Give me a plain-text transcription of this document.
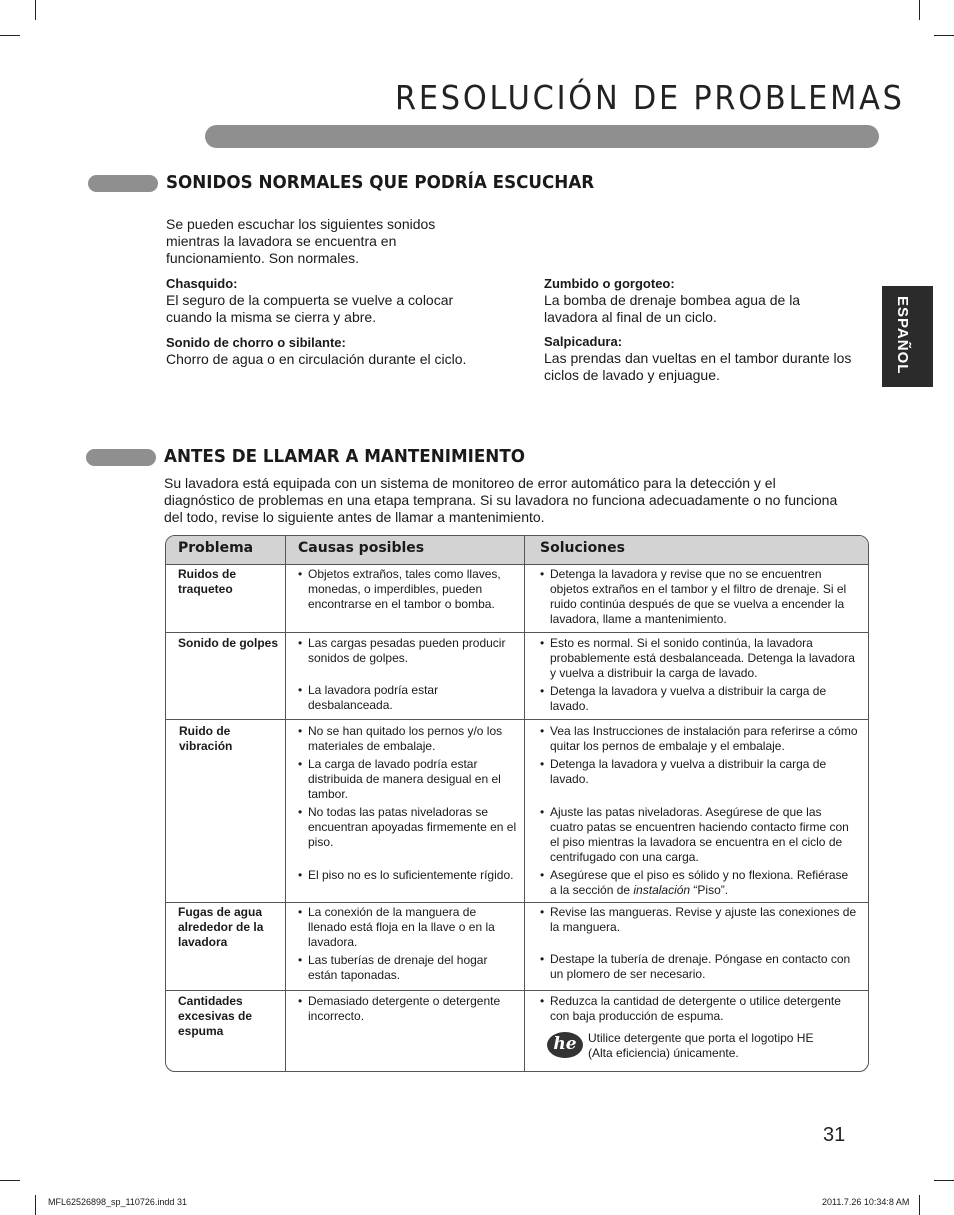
RESOLUCIÓN DE PROBLEMAS
ESPAÑOL
SONIDOS NORMALES QUE PODRÍA ESCUCHAR
Se pueden escuchar los siguientes sonidos mientras la lavadora se encuentra en funcionamiento. Son normales.
Chasquido:
El seguro de la compuerta se vuelve a colocar cuando la misma se cierra y abre.
Sonido de chorro o sibilante:
Chorro de agua o en circulación durante el ciclo.
Zumbido o gorgoteo:
La bomba de drenaje bombea agua de la lavadora al final de un ciclo.
Salpicadura:
Las prendas dan vueltas en el tambor durante los ciclos de lavado y enjuague.
ANTES DE LLAMAR A MANTENIMIENTO
Su lavadora está equipada con un sistema de monitoreo de error automático para la detección y el diagnóstico de problemas en una etapa temprana. Si su lavadora no funciona adecuadamente o no funciona del todo, revise lo siguiente antes de llamar a mantenimiento.
Problema	Causas posibles	Soluciones
Ruidos de traqueteo
• Objetos extraños, tales como llaves, monedas, o imperdibles, pueden encontrarse en el tambor o bomba.
• Detenga la lavadora y revise que no se encuentren objetos extraños en el tambor y el filtro de drenaje. Si el ruido continúa después de que se vuelva a encender la lavadora, llame a mantenimiento.
Sonido de golpes
•	Las cargas pesadas pueden producir sonidos de golpes.
• La lavadora podría estar desbalanceada.
• Esto es normal. Si el sonido continúa, la lavadora probablemente está desbalanceada. Detenga la lavadora y vuelva a distribuir la carga de lavado.
• Detenga la lavadora y vuelva a distribuir la carga de lavado.
Ruido de vibración
• No se han quitado los pernos y/o los materiales de embalaje.
• La carga de lavado podría estar distribuida de manera desigual en el tambor.
• No todas las patas niveladoras se encuentran apoyadas firmemente en el piso.
• El piso no es lo suficientemente rígido.
• Vea las Instrucciones de instalación para referirse a cómo quitar los pernos de embalaje y el embalaje.
• Detenga la lavadora y vuelva a distribuir la carga de lavado.
• Ajuste las patas niveladoras. Asegúrese de que las cuatro patas se encuentren haciendo contacto firme con el piso mientras la lavadora se encuentra en el ciclo de centrifugado con una carga.
• Asegúrese que el piso es sólido y no flexiona. Refiérase a la sección de instalación “Piso”.
Fugas de agua alrededor de la lavadora
• La conexión de la manguera de llenado está floja en la llave o en la lavadora.
• Las tuberías de drenaje del hogar están taponadas.
• Revise las mangueras. Revise y ajuste las conexiones de la manguera.
• Destape la tubería de drenaje. Póngase en contacto con un plomero de ser necesario.
Cantidades excesivas de espuma
• Demasiado detergente o detergente incorrecto.
• Reduzca la cantidad de detergente o utilice detergente con baja producción de espuma.
Utilice detergente que porta el logotipo HE (Alta eficiencia) únicamente.
he
31
MFL62526898_sp_110726.indd 31	2011.7.26 10:34:8 AM
